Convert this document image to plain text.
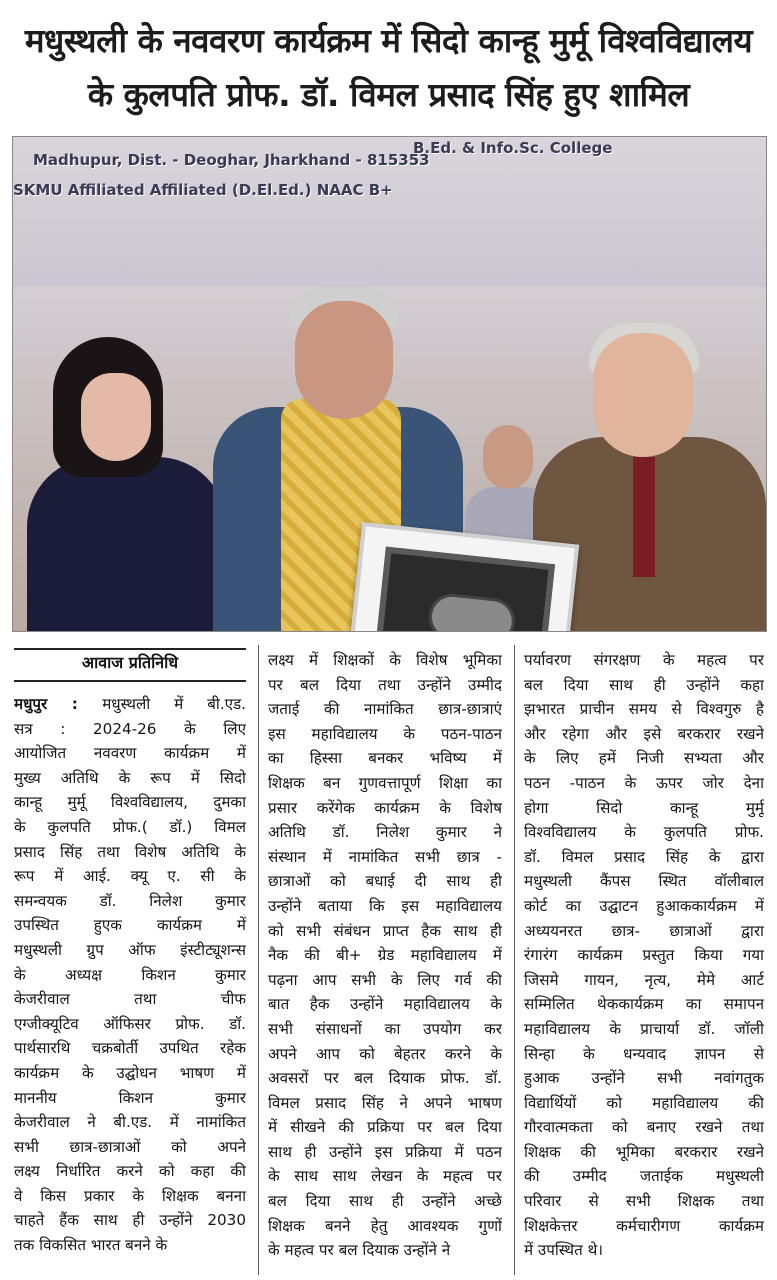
मधुस्थली के नववरण कार्यक्रम में सिदो कान्हू मुर्मू विश्वविद्यालय
के कुलपति प्रोफ. डॉ. विमल प्रसाद सिंह हुए शामिल
B.Ed. & Info.Sc. College
Madhupur, Dist. - Deoghar, Jharkhand - 815353
SKMU Affiliated Affiliated (D.El.Ed.) NAAC B+
आवाज प्रतिनिधि
मधुपुर : मधुस्थली में बी.एड.
सत्र : 2024-26 के लिए
आयोजित नववरण कार्यक्रम में
मुख्य अतिथि के रूप में सिदो
कान्हू मुर्मू विश्वविद्यालय, दुमका
के कुलपति प्रोफ.( डॉ.) विमल
प्रसाद सिंह तथा विशेष अतिथि के
रूप में आई. क्यू ए. सी के
समन्वयक डॉ. निलेश कुमार
उपस्थित हुएक कार्यक्रम में
मधुस्थली ग्रुप ऑफ इंस्टीट्यूशन्स
के अध्यक्ष किशन कुमार
केजरीवाल तथा चीफ
एग्जीक्यूटिव ऑफिसर प्रोफ. डॉ.
पार्थसारथि चक्रबोर्ती उपथित रहेक
कार्यक्रम के उद्घोधन भाषण में
माननीय किशन कुमार
केजरीवाल ने बी.एड. में नामांकित
सभी छात्र-छात्राओं को अपने
लक्ष्य निर्धारित करने को कहा की
वे किस प्रकार के शिक्षक बनना
चाहते हैंक साथ ही उन्होंने 2030
तक विकसित भारत बनने के
लक्ष्य में शिक्षकों के विशेष भूमिका
पर बल दिया तथा उन्होंने उम्मीद
जताई की नामांकित छात्र-छात्राएं
इस महाविद्यालय के पठन-पाठन
का हिस्सा बनकर भविष्य में
शिक्षक बन गुणवत्तापूर्ण शिक्षा का
प्रसार करेंगेक कार्यक्रम के विशेष
अतिथि डॉ. निलेश कुमार ने
संस्थान में नामांकित सभी छात्र -
छात्राओं को बधाई दी साथ ही
उन्होंने बताया कि इस महाविद्यालय
को सभी संबंधन प्राप्त हैक साथ ही
नैक की बी+ ग्रेड महाविद्यालय में
पढ़ना आप सभी के लिए गर्व की
बात हैक उन्होंने महाविद्यालय के
सभी संसाधनों का उपयोग कर
अपने आप को बेहतर करने के
अवसरों पर बल दियाक प्रोफ. डॉ.
विमल प्रसाद सिंह ने अपने भाषण
में सीखने की प्रक्रिया पर बल दिया
साथ ही उन्होंने इस प्रक्रिया में पठन
के साथ साथ लेखन के महत्व पर
बल दिया साथ ही उन्होंने अच्छे
शिक्षक बनने हेतु आवश्यक गुणों
के महत्व पर बल दियाक उन्होंने ने
पर्यावरण संगरक्षण के महत्व पर
बल दिया साथ ही उन्होंने कहा
झभारत प्राचीन समय से विश्वगुरु है
और रहेगा और इसे बरकरार रखने
के लिए हमें निजी सभ्यता और
पठन -पाठन के ऊपर जोर देना
होगा सिदो कान्हू मुर्मू
विश्वविद्यालय के कुलपति प्रोफ.
डॉ. विमल प्रसाद सिंह के द्वारा
मधुस्थली कैंपस स्थित वॉलीबाल
कोर्ट का उद्घाटन हुआककार्यक्रम में
अध्ययनरत छात्र- छात्राओं द्वारा
रंगारंग कार्यक्रम प्रस्तुत किया गया
जिसमे गायन, नृत्य, मेमे आर्ट
सम्मिलित थेककार्यक्रम का समापन
महाविद्यालय के प्राचार्या डॉ. जॉली
सिन्हा के धन्यवाद ज्ञापन से
हुआक उन्होंने सभी नवांगतुक
विद्यार्थियों को महाविद्यालय की
गौरवात्मकता को बनाए रखने तथा
शिक्षक की भूमिका बरकरार रखने
की उम्मीद जताईक मधुस्थली
परिवार से सभी शिक्षक तथा
शिक्षकेत्तर कर्मचारीगण कार्यक्रम
में उपस्थित थे।
